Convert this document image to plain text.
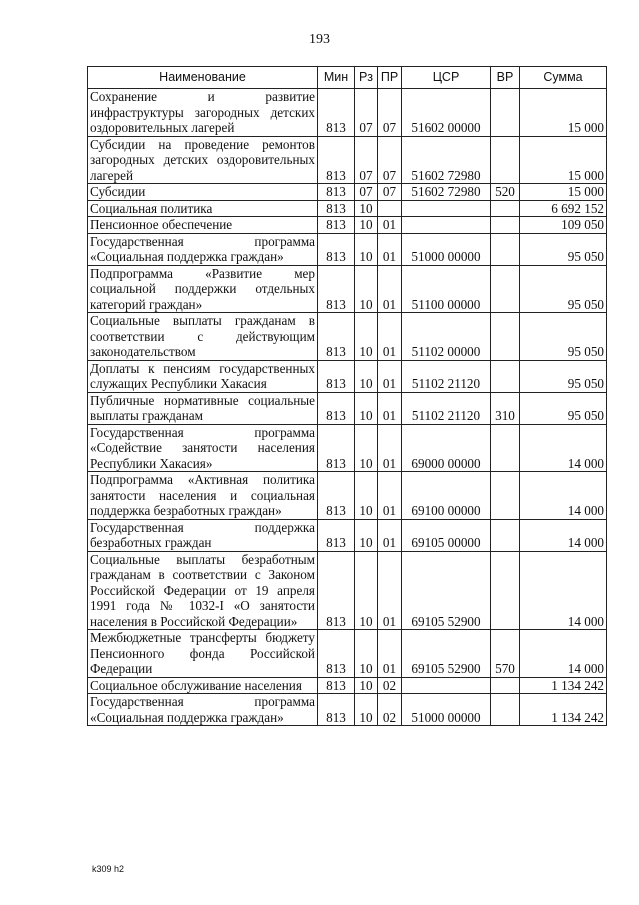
193
Наименование	Мин	Рз	ПР	ЦСР	ВР	Сумма
Сохранение и развитие инфраструктуры загородных детских оздоровительных лагерей	813	07	07	51602 00000		15 000
Субсидии на проведение ремонтов загородных детских оздоровительных лагерей	813	07	07	51602 72980		15 000
Субсидии	813	07	07	51602 72980	520	15 000
Социальная политика	813	10				6 692 152
Пенсионное обеспечение	813	10	01			109 050
Государственная программа «Социальная поддержка граждан»	813	10	01	51000 00000		95 050
Подпрограмма «Развитие мер социальной поддержки отдельных категорий граждан»	813	10	01	51100 00000		95 050
Социальные выплаты гражданам в соответствии с действующим законодательством	813	10	01	51102 00000		95 050
Доплаты к пенсиям государственных служащих Республики Хакасия	813	10	01	51102 21120		95 050
Публичные нормативные социальные выплаты гражданам	813	10	01	51102 21120	310	95 050
Государственная программа «Содействие занятости населения Республики Хакасия»	813	10	01	69000 00000		14 000
Подпрограмма «Активная политика занятости населения и социальная поддержка безработных граждан»	813	10	01	69100 00000		14 000
Государственная поддержка безработных граждан	813	10	01	69105 00000		14 000
Социальные выплаты безработным гражданам в соответствии с Законом Российской Федерации от 19 апреля 1991 года № 1032-I «О занятости населения в Российской Федерации»	813	10	01	69105 52900		14 000
Межбюджетные трансферты бюджету Пенсионного фонда Российской Федерации	813	10	01	69105 52900	570	14 000
Социальное обслуживание населения	813	10	02			1 134 242
Государственная программа «Социальная поддержка граждан»	813	10	02	51000 00000		1 134 242
k309 h2
